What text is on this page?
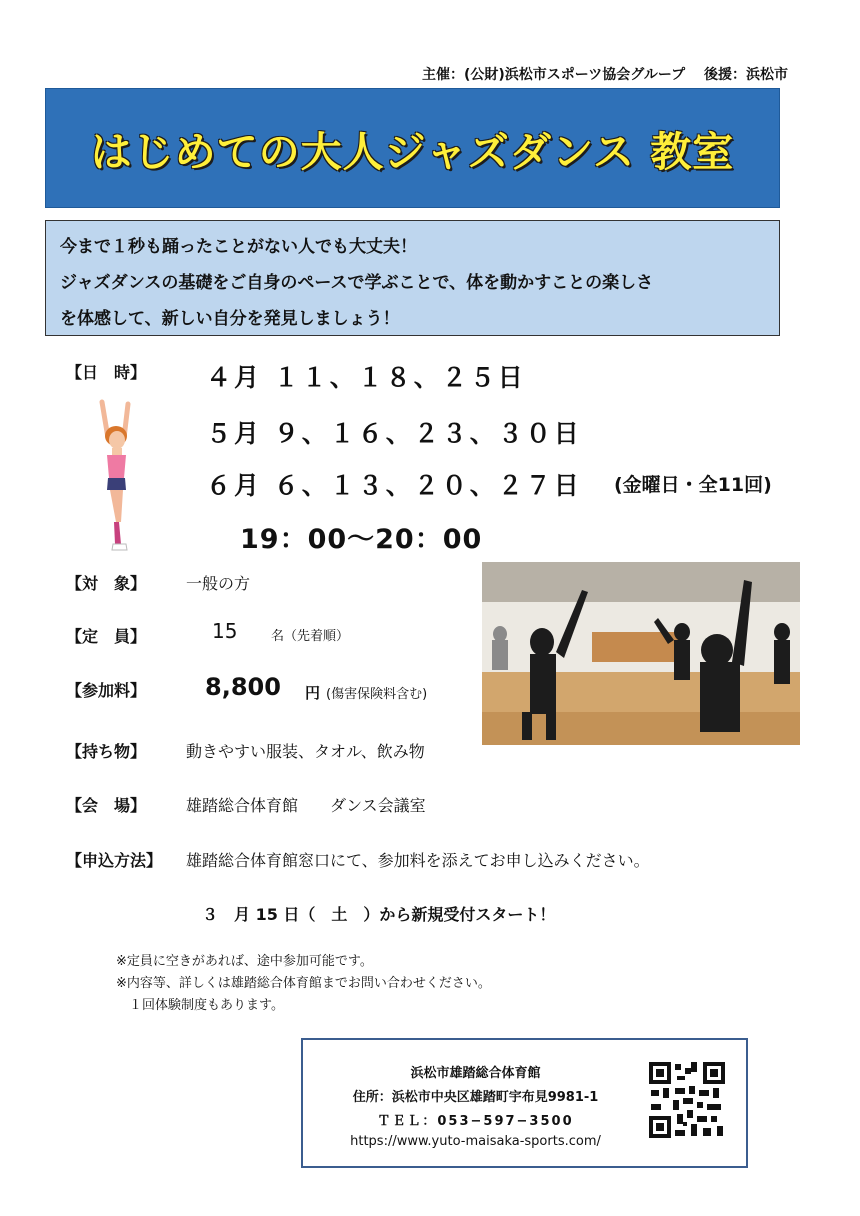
主催：(公財)浜松市スポーツ協会グループ　 後援：浜松市
はじめての大人ジャズダンス 教室
今まで１秒も踊ったことがない人でも大丈夫！
ジャズダンスの基礎をご自身のペースで学ぶことで、体を動かすことの楽しさ
を体感して、新しい自分を発見しましょう！
【日　時】 ４月 １１、１８、２５日
５月 ９、１６、２３、３０日
６月 ６、１３、２０、２７日 (金曜日・全11回)
19：00〜20：00
【対　象】 一般の方
【定　員】	15	名（先着順）
【参加料】 8,800 円 (傷害保険料含む)
【持ち物】 動きやすい服装、タオル、飲み物
【会　場】 雄踏総合体育館　　ダンス会議室
【申込方法】 雄踏総合体育館窓口にて、参加料を添えてお申し込みください。
３　月 15 日（　土　）から新規受付スタート！
※定員に空きがあれば、途中参加可能です。
※内容等、詳しくは雄踏総合体育館までお問い合わせください。
　１回体験制度もあります。
浜松市雄踏総合体育館
住所：浜松市中央区雄踏町宇布見9981-1
ＴＥＬ：053−597−3500
https://www.yuto-maisaka-sports.com/
